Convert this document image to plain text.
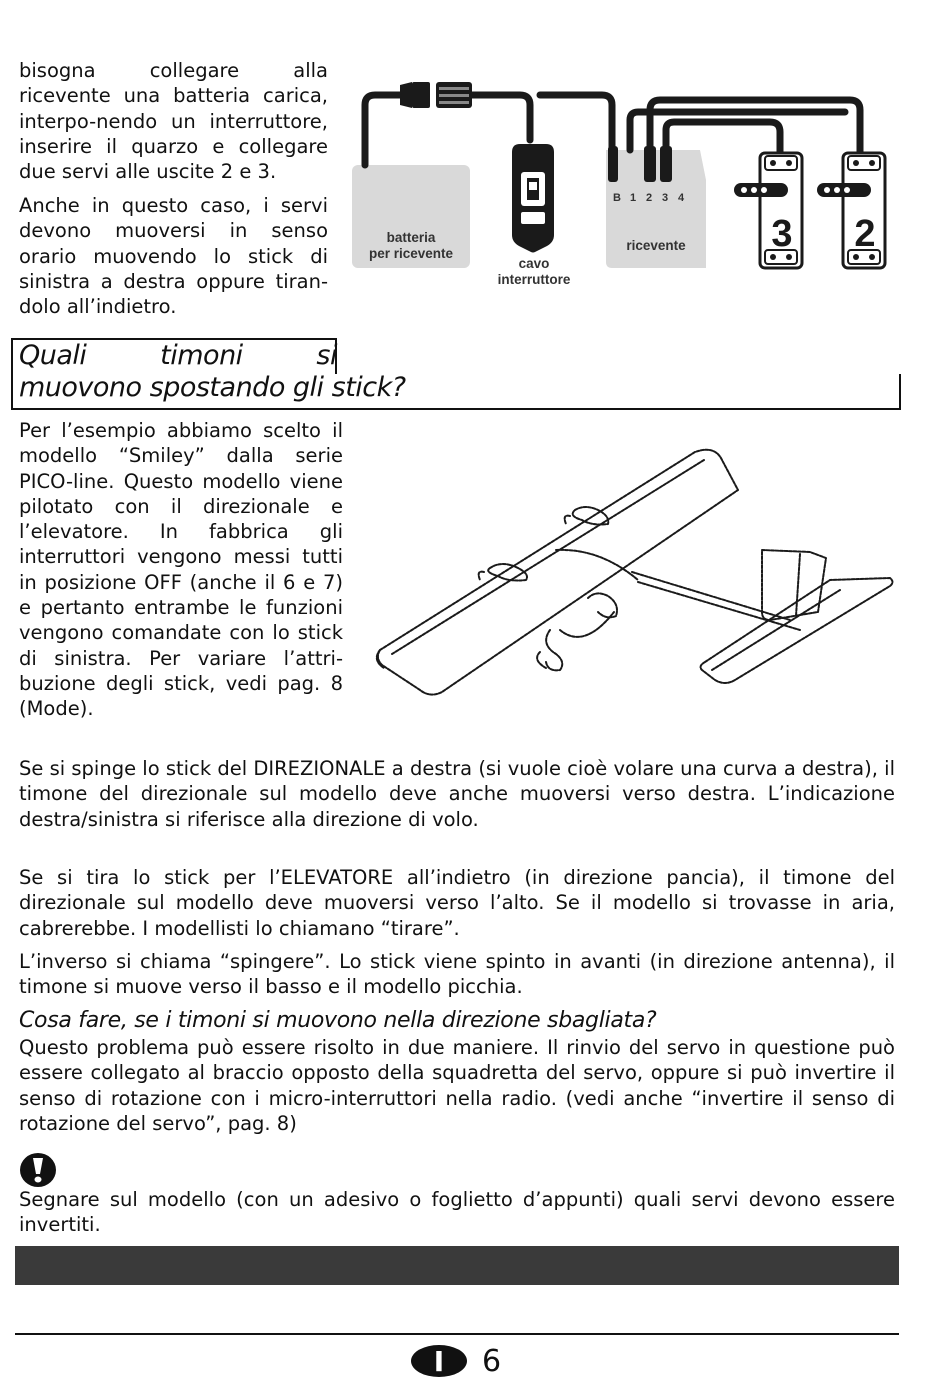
bisogna collegare alla ricevente una batteria carica, interpo-nendo un interruttore, inserire il quarzo e collegare due servi alle uscite 2 e 3.

Anche in questo caso, i servi devono muoversi in senso orario muovendo lo stick di sinistra a destra oppure tiran-dolo all’indietro.

3 2
B 1 2 3 4
batteria
per ricevente
cavo
interruttore
ricevente
Quali	timoni	si
muovono spostando gli stick?

Per l’esempio abbiamo scelto il modello “Smiley” dalla serie PICO-line. Questo modello viene pilotato con il direzionale e l’elevatore. In fabbrica gli interruttori vengono messi tutti in posizione OFF (anche il 6 e 7) e pertanto entrambe le funzioni vengono comandate con lo stick di sinistra. Per variare l’attri-buzione degli stick, vedi pag. 8 (Mode).

Se si spinge lo stick del DIREZIONALE a destra (si vuole cioè volare una curva a destra), il timone del direzionale sul modello deve anche muoversi verso destra. L’indicazione destra/sinistra si riferisce alla direzione di volo.

Se si tira lo stick per l’ELEVATORE all’indietro (in direzione pancia), il timone del direzionale sul modello deve muoversi verso l’alto. Se il modello si trovasse in aria, cabrerebbe. I modellisti lo chiamano “tirare”.

L’inverso si chiama “spingere”. Lo stick viene spinto in avanti (in direzione antenna), il timone si muove verso il basso e il modello picchia.

Cosa fare, se i timoni si muovono nella direzione sbagliata?

Questo problema può essere risolto in due maniere. Il rinvio del servo in questione può essere collegato al braccio opposto della squadretta del servo, oppure si può invertire il senso di rotazione con i micro-interruttori nella radio. (vedi anche “invertire il senso di rotazione del servo”, pag. 8)

Segnare sul modello (con un adesivo o foglietto d’appunti) quali servi devono essere invertiti.

I 6
